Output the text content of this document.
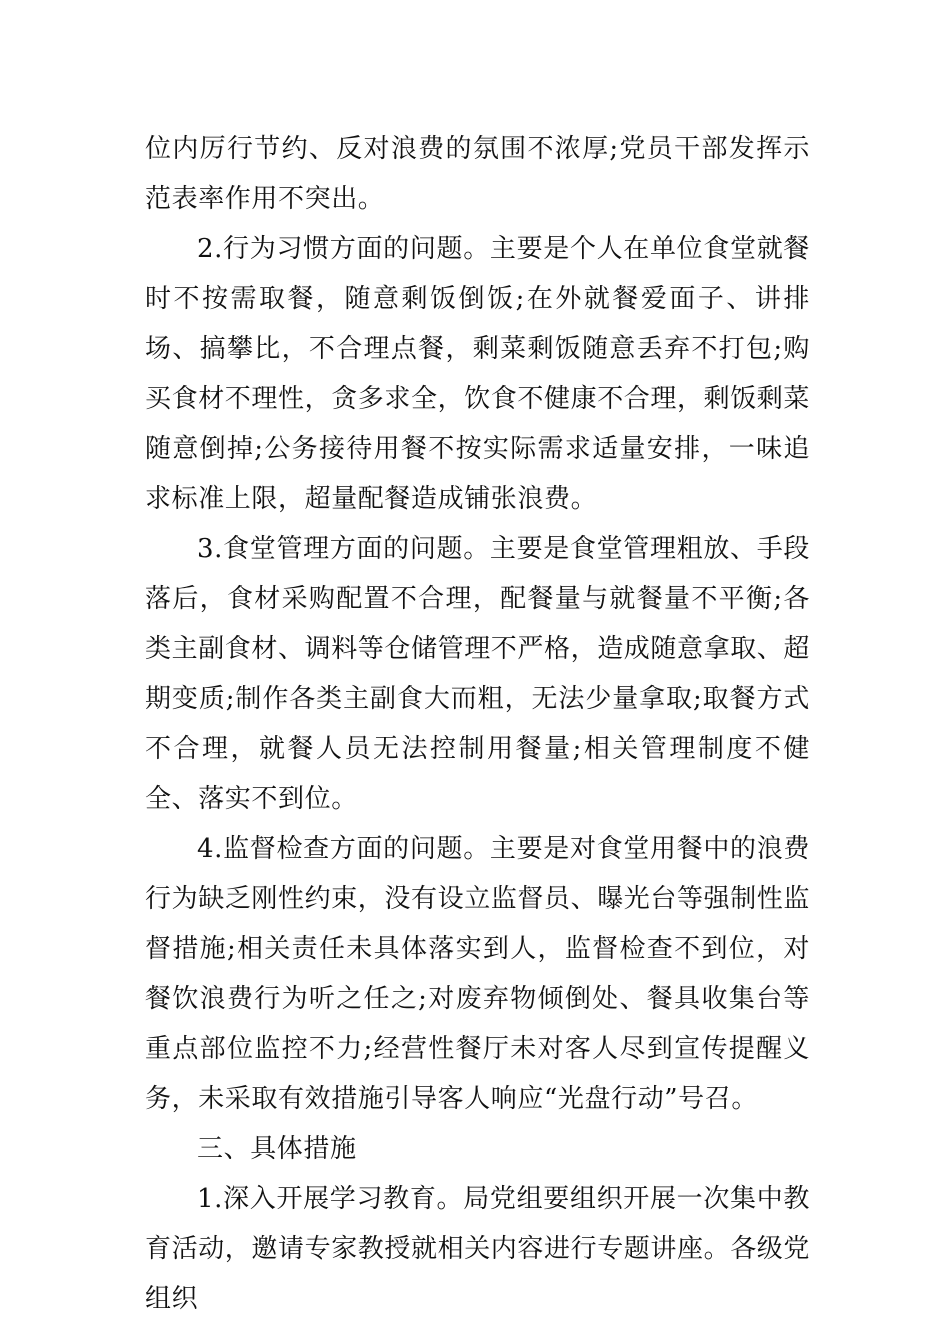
位内厉行节约、反对浪费的氛围不浓厚;党员干部发挥示范表率作用不突出。

2.行为习惯方面的问题。主要是个人在单位食堂就餐时不按需取餐，随意剩饭倒饭;在外就餐爱面子、讲排场、搞攀比，不合理点餐，剩菜剩饭随意丢弃不打包;购买食材不理性，贪多求全，饮食不健康不合理，剩饭剩菜随意倒掉;公务接待用餐不按实际需求适量安排，一味追求标准上限，超量配餐造成铺张浪费。

3.食堂管理方面的问题。主要是食堂管理粗放、手段落后，食材采购配置不合理，配餐量与就餐量不平衡;各类主副食材、调料等仓储管理不严格，造成随意拿取、超期变质;制作各类主副食大而粗，无法少量拿取;取餐方式不合理，就餐人员无法控制用餐量;相关管理制度不健全、落实不到位。

4.监督检查方面的问题。主要是对食堂用餐中的浪费行为缺乏刚性约束，没有设立监督员、曝光台等强制性监督措施;相关责任未具体落实到人，监督检查不到位，对餐饮浪费行为听之任之;对废弃物倾倒处、餐具收集台等重点部位监控不力;经营性餐厅未对客人尽到宣传提醒义务，未采取有效措施引导客人响应“光盘行动”号召。

三、具体措施

1.深入开展学习教育。局党组要组织开展一次集中教育活动，邀请专家教授就相关内容进行专题讲座。各级党组织
